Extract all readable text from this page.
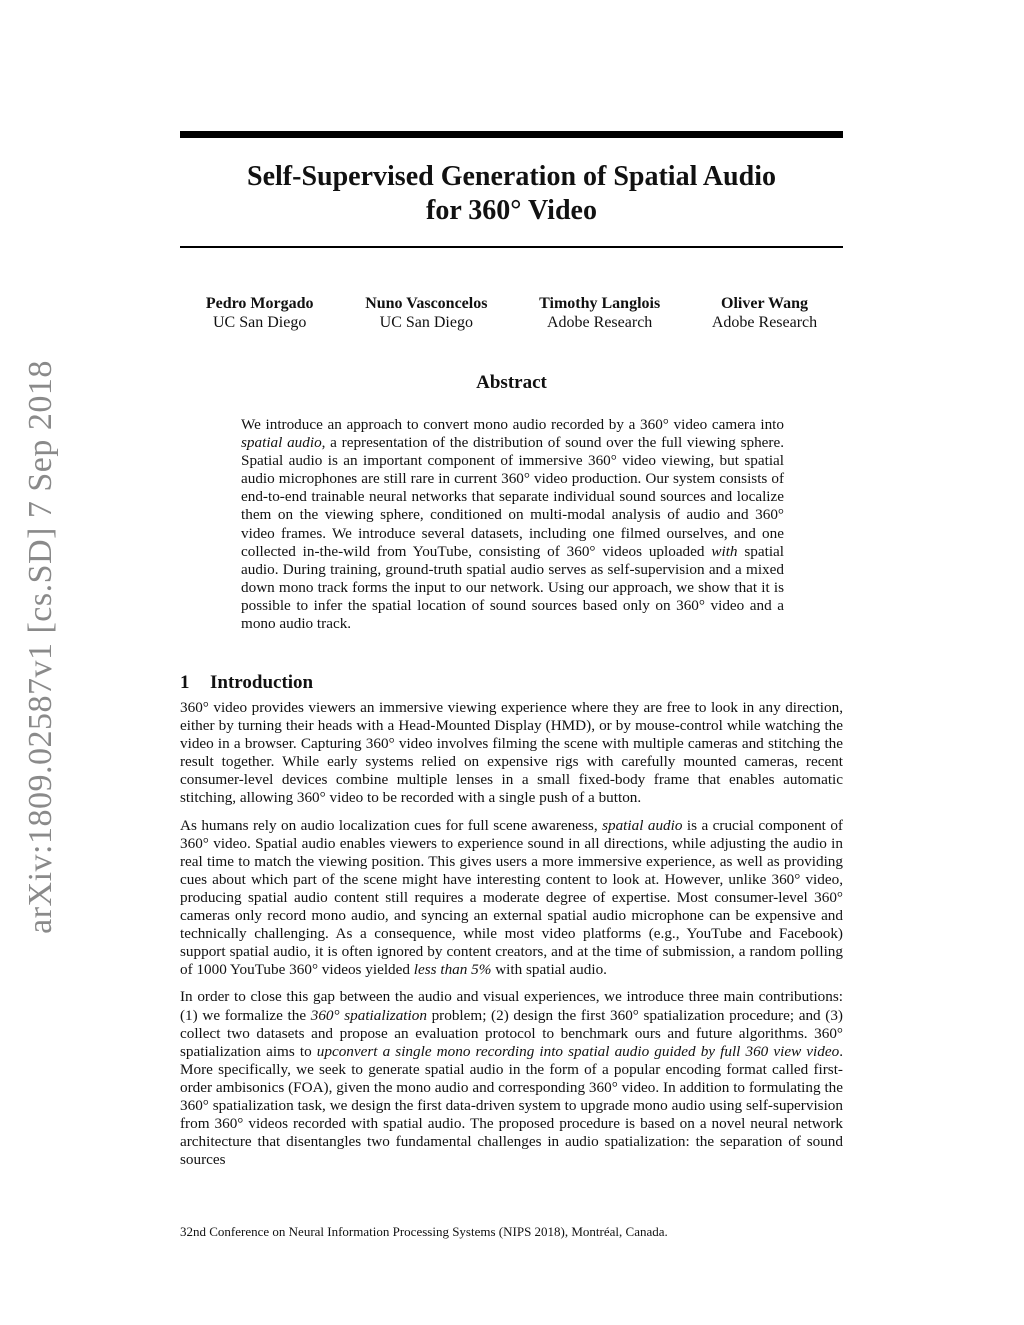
arXiv:1809.02587v1 [cs.SD] 7 Sep 2018
Self-Supervised Generation of Spatial Audio
for 360° Video
Pedro Morgado
UC San Diego
Nuno Vasconcelos
UC San Diego
Timothy Langlois
Adobe Research
Oliver Wang
Adobe Research
Abstract
We introduce an approach to convert mono audio recorded by a 360° video camera into spatial audio, a representation of the distribution of sound over the full viewing sphere. Spatial audio is an important component of immersive 360° video viewing, but spatial audio microphones are still rare in current 360° video production. Our system consists of end-to-end trainable neural networks that separate individual sound sources and localize them on the viewing sphere, conditioned on multi-modal analysis of audio and 360° video frames. We introduce several datasets, including one filmed ourselves, and one collected in-the-wild from YouTube, consisting of 360° videos uploaded with spatial audio. During training, ground-truth spatial audio serves as self-supervision and a mixed down mono track forms the input to our network. Using our approach, we show that it is possible to infer the spatial location of sound sources based only on 360° video and a mono audio track.
1 Introduction

360° video provides viewers an immersive viewing experience where they are free to look in any direction, either by turning their heads with a Head-Mounted Display (HMD), or by mouse-control while watching the video in a browser. Capturing 360° video involves filming the scene with multiple cameras and stitching the result together. While early systems relied on expensive rigs with carefully mounted cameras, recent consumer-level devices combine multiple lenses in a small fixed-body frame that enables automatic stitching, allowing 360° video to be recorded with a single push of a button.

As humans rely on audio localization cues for full scene awareness, spatial audio is a crucial component of 360° video. Spatial audio enables viewers to experience sound in all directions, while adjusting the audio in real time to match the viewing position. This gives users a more immersive experience, as well as providing cues about which part of the scene might have interesting content to look at. However, unlike 360° video, producing spatial audio content still requires a moderate degree of expertise. Most consumer-level 360° cameras only record mono audio, and syncing an external spatial audio microphone can be expensive and technically challenging. As a consequence, while most video platforms (e.g., YouTube and Facebook) support spatial audio, it is often ignored by content creators, and at the time of submission, a random polling of 1000 YouTube 360° videos yielded less than 5% with spatial audio.

In order to close this gap between the audio and visual experiences, we introduce three main contributions: (1) we formalize the 360° spatialization problem; (2) design the first 360° spatialization procedure; and (3) collect two datasets and propose an evaluation protocol to benchmark ours and future algorithms. 360° spatialization aims to upconvert a single mono recording into spatial audio guided by full 360 view video. More specifically, we seek to generate spatial audio in the form of a popular encoding format called first-order ambisonics (FOA), given the mono audio and corresponding 360° video. In addition to formulating the 360° spatialization task, we design the first data-driven system to upgrade mono audio using self-supervision from 360° videos recorded with spatial audio. The proposed procedure is based on a novel neural network architecture that disentangles two fundamental challenges in audio spatialization: the separation of sound sources

32nd Conference on Neural Information Processing Systems (NIPS 2018), Montréal, Canada.
